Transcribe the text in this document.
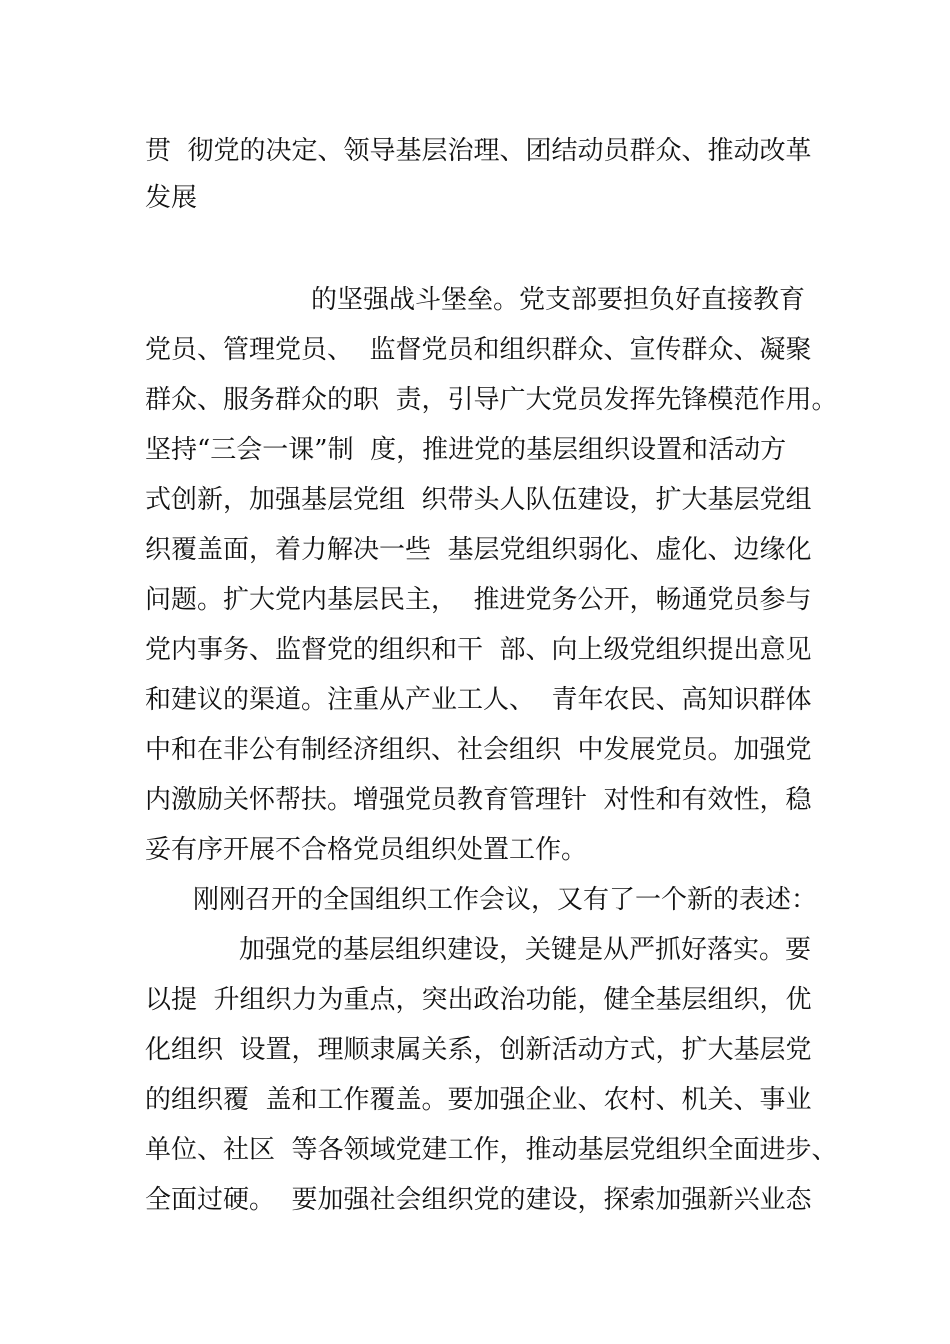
贯  彻党的决定、领导基层治理、团结动员群众、推动改革
发展
的坚强战斗堡垒。党支部要担负好直接教育
党员、管理党员、  监督党员和组织群众、宣传群众、凝聚
群众、服务群众的职  责，引导广大党员发挥先锋模范作用。
坚持“三会一课”制  度，推进党的基层组织设置和活动方
式创新，加强基层党组  织带头人队伍建设，扩大基层党组
织覆盖面，着力解决一些  基层党组织弱化、虚化、边缘化
问题。扩大党内基层民主，  推进党务公开，畅通党员参与
党内事务、监督党的组织和干  部、向上级党组织提出意见
和建议的渠道。注重从产业工人、  青年农民、高知识群体
中和在非公有制经济组织、社会组织  中发展党员。加强党
内激励关怀帮扶。增强党员教育管理针  对性和有效性，稳
妥有序开展不合格党员组织处置工作。
刚刚召开的全国组织工作会议，又有了一个新的表述：
加强党的基层组织建设，关键是从严抓好落实。要
以提  升组织力为重点，突出政治功能，健全基层组织，优
化组织  设置，理顺隶属关系，创新活动方式，扩大基层党
的组织覆  盖和工作覆盖。要加强企业、农村、机关、事业
单位、社区  等各领域党建工作，推动基层党组织全面进步、
全面过硬。  要加强社会组织党的建设，探索加强新兴业态
